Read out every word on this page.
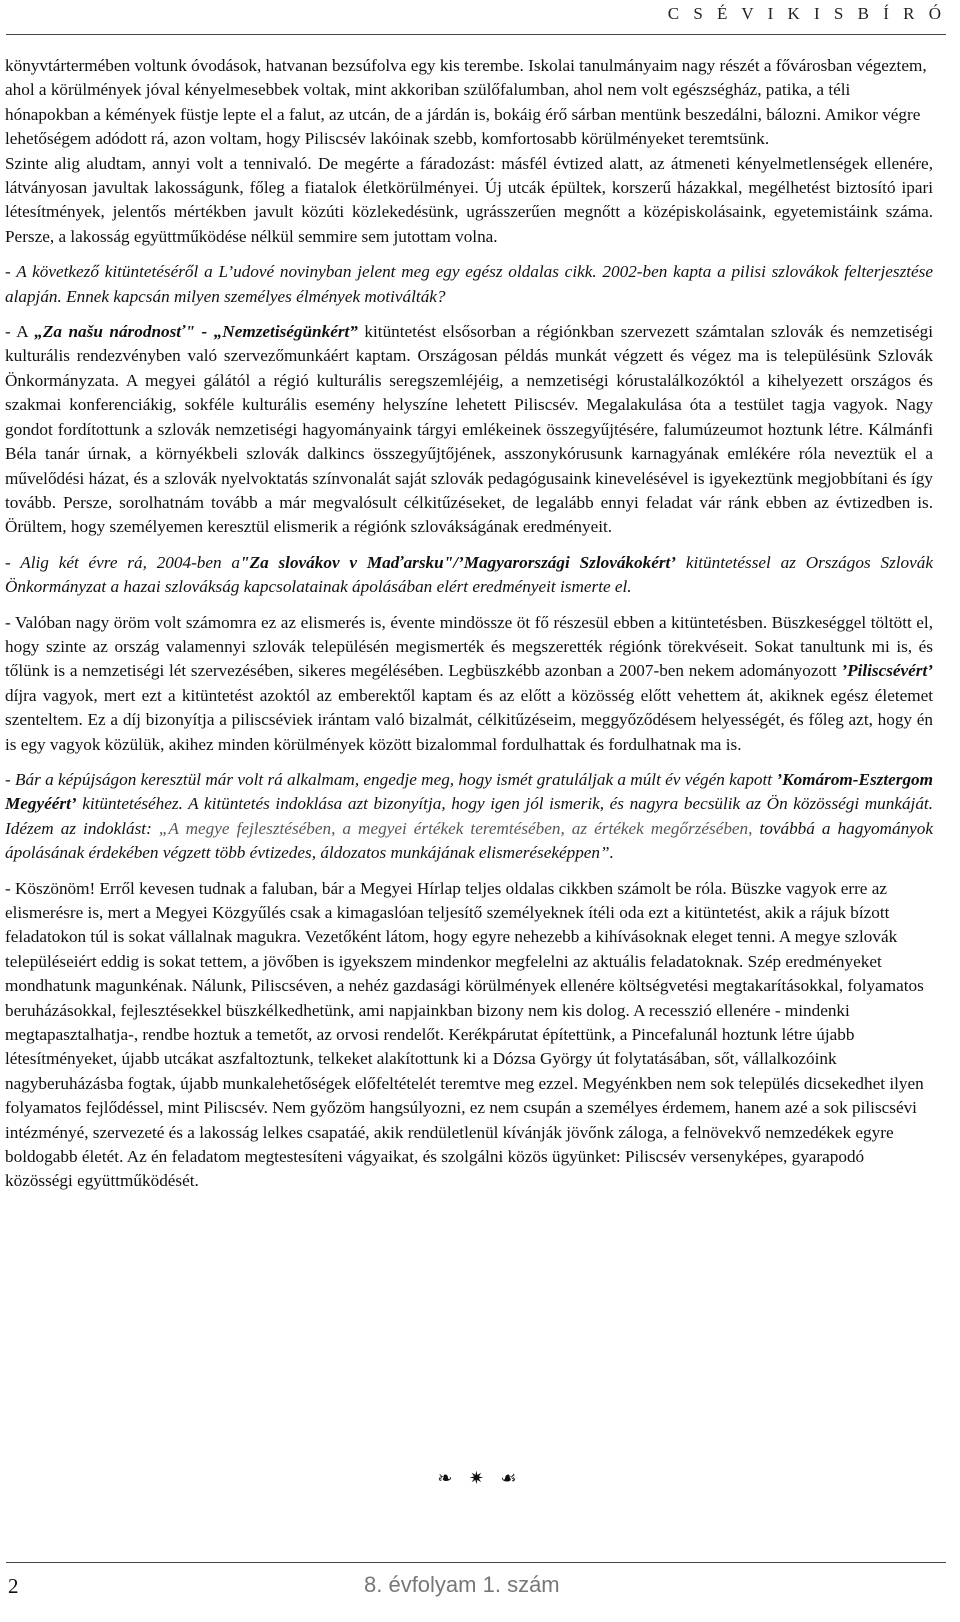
C S É V I K I S B Í R Ó

könyvtártermében voltunk óvodások, hatvanan bezsúfolva egy kis terembe. Iskolai tanulmányaim nagy részét a fővárosban végeztem, ahol a körülmények jóval kényelmesebbek voltak, mint akkoriban szülőfalumban, ahol nem volt egészségház, patika, a téli hónapokban a kémények füstje lepte el a falut, az utcán, de a járdán is, bokáig érő sárban mentünk beszedálni, bálozni. Amikor végre lehetőségem adódott rá, azon voltam, hogy Piliscsév lakóinak szebb, komfortosabb körülményeket teremtsünk.

Szinte alig aludtam, annyi volt a tennivaló. De megérte a fáradozást: másfél évtized alatt, az átmeneti kényelmetlenségek ellenére, látványosan javultak lakosságunk, főleg a fiatalok életkörülményei. Új utcák épültek, korszerű házakkal, megélhetést biztosító ipari létesítmények, jelentős mértékben javult közúti közlekedésünk, ugrásszerűen megnőtt a középiskolásaink, egyetemistáink száma. Persze, a lakosság együttműködése nélkül semmire sem jutottam volna.

- A következő kitüntetéséről a L’udové novinyban jelent meg egy egész oldalas cikk. 2002-ben kapta a pilisi szlovákok felterjesztése alapján. Ennek kapcsán milyen személyes élmények motiválták?

- A „Za našu národnosť" - „Nemzetiségünkért” kitüntetést elsősorban a régiónkban szervezett számtalan szlovák és nemzetiségi kulturális rendezvényben való szervezőmunkáért kaptam. Országosan példás munkát végzett és végez ma is településünk Szlovák Önkormányzata. A megyei gálától a régió kulturális seregszemléjéig, a nemzetiségi kórustalálkozóktól a kihelyezett országos és szakmai konferenciákig, sokféle kulturális esemény helyszíne lehetett Piliscsév. Megalakulása óta a testület tagja vagyok. Nagy gondot fordítottunk a szlovák nemzetiségi hagyományaink tárgyi emlékeinek összegyűjtésére, falumúzeumot hoztunk létre. Kálmánfi Béla tanár úrnak, a környékbeli szlovák dalkincs összegyűjtőjének, asszonykórusunk karnagyának emlékére róla neveztük el a művelődési házat, és a szlovák nyelvoktatás színvonalát saját szlovák pedagógusaink kinevelésével is igyekeztünk megjobbítani és így tovább. Persze, sorolhatnám tovább a már megvalósult célkitűzéseket, de legalább ennyi feladat vár ránk ebben az évtizedben is. Örültem, hogy személyemen keresztül elismerik a régiónk szlovákságának eredményeit.

- Alig két évre rá, 2004-ben a"Za slovákov v Maďarsku"/’Magyarországi Szlovákokért’ kitüntetéssel az Országos Szlovák Önkormányzat a hazai szlovákság kapcsolatainak ápolásában elért eredményeit ismerte el.

- Valóban nagy öröm volt számomra ez az elismerés is, évente mindössze öt fő részesül ebben a kitüntetésben. Büszkeséggel töltött el, hogy szinte az ország valamennyi szlovák településén megismerték és megszerették régiónk törekvéseit. Sokat tanultunk mi is, és tőlünk is a nemzetiségi lét szervezésében, sikeres megélésében. Legbüszkébb azonban a 2007-ben nekem adományozott ’Piliscsévért’ díjra vagyok, mert ezt a kitüntetést azoktól az emberektől kaptam és az előtt a közösség előtt vehettem át, akiknek egész életemet szenteltem. Ez a díj bizonyítja a piliscséviek irántam való bizalmát, célkitűzéseim, meggyőződésem helyességét, és főleg azt, hogy én is egy vagyok közülük, akihez minden körülmények között bizalommal fordulhattak és fordulhatnak ma is.

- Bár a képújságon keresztül már volt rá alkalmam, engedje meg, hogy ismét gratuláljak a múlt év végén kapott ’Komárom-Esztergom Megyéért’ kitüntetéséhez. A kitüntetés indoklása azt bizonyítja, hogy igen jól ismerik, és nagyra becsülik az Ön közösségi munkáját. Idézem az indoklást: „A megye fejlesztésében, a megyei értékek teremtésében, az értékek megőrzésében, továbbá a hagyományok ápolásának érdekében végzett több évtizedes, áldozatos munkájának elismeréseképpen”.

- Köszönöm! Erről kevesen tudnak a faluban, bár a Megyei Hírlap teljes oldalas cikkben számolt be róla. Büszke vagyok erre az elismerésre is, mert a Megyei Közgyűlés csak a kimagaslóan teljesítő személyeknek ítéli oda ezt a kitüntetést, akik a rájuk bízott feladatokon túl is sokat vállalnak magukra. Vezetőként látom, hogy egyre nehezebb a kihívásoknak eleget tenni. A megye szlovák településeiért eddig is sokat tettem, a jövőben is igyekszem mindenkor megfelelni az aktuális feladatoknak. Szép eredményeket mondhatunk magunkénak. Nálunk, Piliscséven, a nehéz gazdasági körülmények ellenére költségvetési megtakarításokkal, folyamatos beruházásokkal, fejlesztésekkel büszkélkedhetünk, ami napjainkban bizony nem kis dolog. A recesszió ellenére - mindenki megtapasztalhatja-, rendbe hoztuk a temetőt, az orvosi rendelőt. Kerékpárutat építettünk, a Pincefalunál hoztunk létre újabb létesítményeket, újabb utcákat aszfaltoztunk, telkeket alakítottunk ki a Dózsa György út folytatásában, sőt, vállalkozóink nagyberuházásba fogtak, újabb munkalehetőségek előfeltételét teremtve meg ezzel. Megyénkben nem sok település dicsekedhet ilyen folyamatos fejlődéssel, mint Piliscsév. Nem győzöm hangsúlyozni, ez nem csupán a személyes érdemem, hanem azé a sok piliscsévi intézményé, szervezeté és a lakosság lelkes csapatáé, akik rendületlenül kívánják jövőnk záloga, a felnövekvő nemzedékek egyre boldogabb életét. Az én feladatom megtestesíteni vágyaikat, és szolgálni közös ügyünket: Piliscsév versenyképes, gyarapodó közösségi együttműködését.

❧ ✷ ☙
2	8. évfolyam 1. szám
